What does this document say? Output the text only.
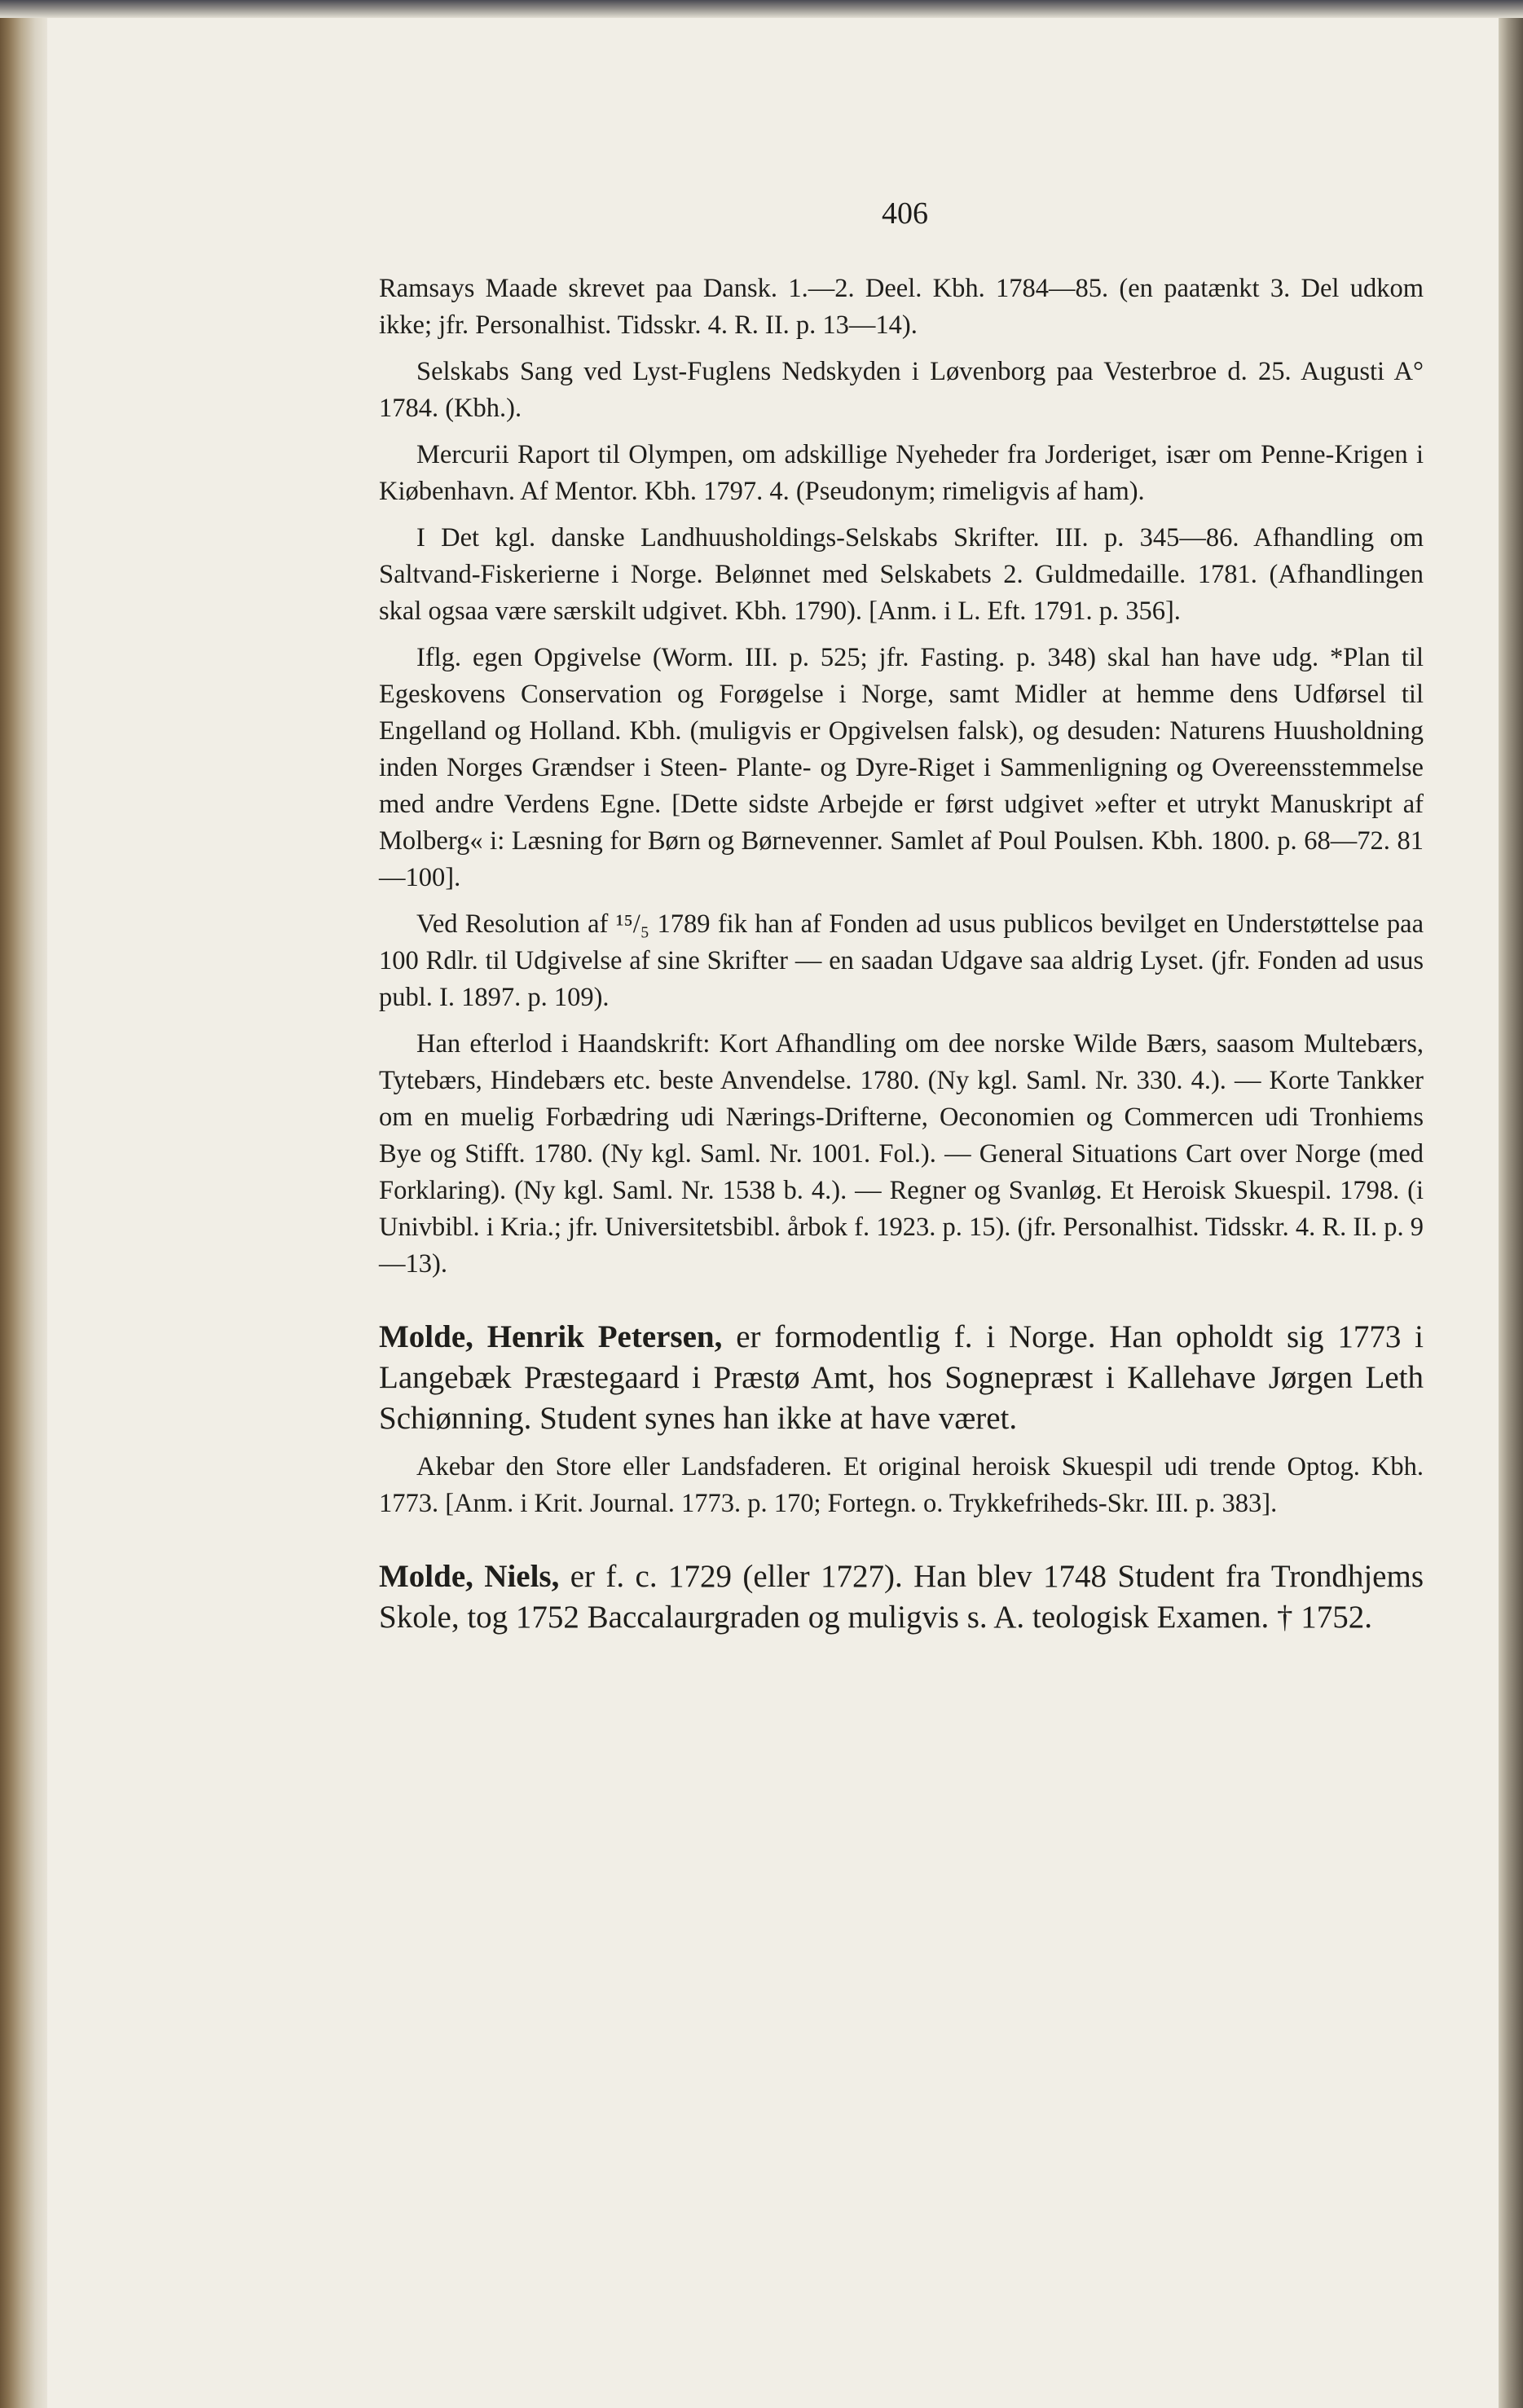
406

Ramsays Maade skrevet paa Dansk. 1.—2. Deel. Kbh. 1784—85. (en paatænkt 3. Del udkom ikke; jfr. Personalhist. Tidsskr. 4. R. II. p. 13—14).

Selskabs Sang ved Lyst-Fuglens Nedskyden i Løvenborg paa Vesterbroe d. 25. Augusti A° 1784. (Kbh.).

Mercurii Raport til Olympen, om adskillige Nyeheder fra Jorderiget, især om Penne-Krigen i Kiøbenhavn. Af Mentor. Kbh. 1797. 4. (Pseudonym; rimeligvis af ham).

I Det kgl. danske Landhuusholdings-Selskabs Skrifter. III. p. 345—86. Afhandling om Saltvand-Fiskerierne i Norge. Belønnet med Selskabets 2. Guldmedaille. 1781. (Afhandlingen skal ogsaa være særskilt udgivet. Kbh. 1790). [Anm. i L. Eft. 1791. p. 356].

Iflg. egen Opgivelse (Worm. III. p. 525; jfr. Fasting. p. 348) skal han have udg. *Plan til Egeskovens Conservation og Forøgelse i Norge, samt Midler at hemme dens Udførsel til Engelland og Holland. Kbh. (muligvis er Opgivelsen falsk), og desuden: Naturens Huusholdning inden Norges Grændser i Steen- Plante- og Dyre-Riget i Sammenligning og Overeensstemmelse med andre Verdens Egne. [Dette sidste Arbejde er først udgivet »efter et utrykt Manuskript af Molberg« i: Læsning for Børn og Børnevenner. Samlet af Poul Poulsen. Kbh. 1800. p. 68—72. 81—100].

Ved Resolution af ¹⁵/₅ 1789 fik han af Fonden ad usus publicos bevilget en Understøttelse paa 100 Rdlr. til Udgivelse af sine Skrifter — en saadan Udgave saa aldrig Lyset. (jfr. Fonden ad usus publ. I. 1897. p. 109).

Han efterlod i Haandskrift: Kort Afhandling om dee norske Wilde Bærs, saasom Multebærs, Tytebærs, Hindebærs etc. beste Anvendelse. 1780. (Ny kgl. Saml. Nr. 330. 4.). — Korte Tankker om en muelig Forbædring udi Nærings-Drifterne, Oeconomien og Commercen udi Tronhiems Bye og Stifft. 1780. (Ny kgl. Saml. Nr. 1001. Fol.). — General Situations Cart over Norge (med Forklaring). (Ny kgl. Saml. Nr. 1538 b. 4.). — Regner og Svanløg. Et Heroisk Skuespil. 1798. (i Univbibl. i Kria.; jfr. Universitetsbibl. årbok f. 1923. p. 15). (jfr. Personalhist. Tidsskr. 4. R. II. p. 9—13).

Molde, Henrik Petersen, er formodentlig f. i Norge. Han opholdt sig 1773 i Langebæk Præstegaard i Præstø Amt, hos Sognepræst i Kallehave Jørgen Leth Schiønning. Student synes han ikke at have været.

Akebar den Store eller Landsfaderen. Et original heroisk Skuespil udi trende Optog. Kbh. 1773. [Anm. i Krit. Journal. 1773. p. 170; Fortegn. o. Trykkefriheds-Skr. III. p. 383].

Molde, Niels, er f. c. 1729 (eller 1727). Han blev 1748 Student fra Trondhjems Skole, tog 1752 Baccalaurgraden og muligvis s. A. teologisk Examen. † 1752.
